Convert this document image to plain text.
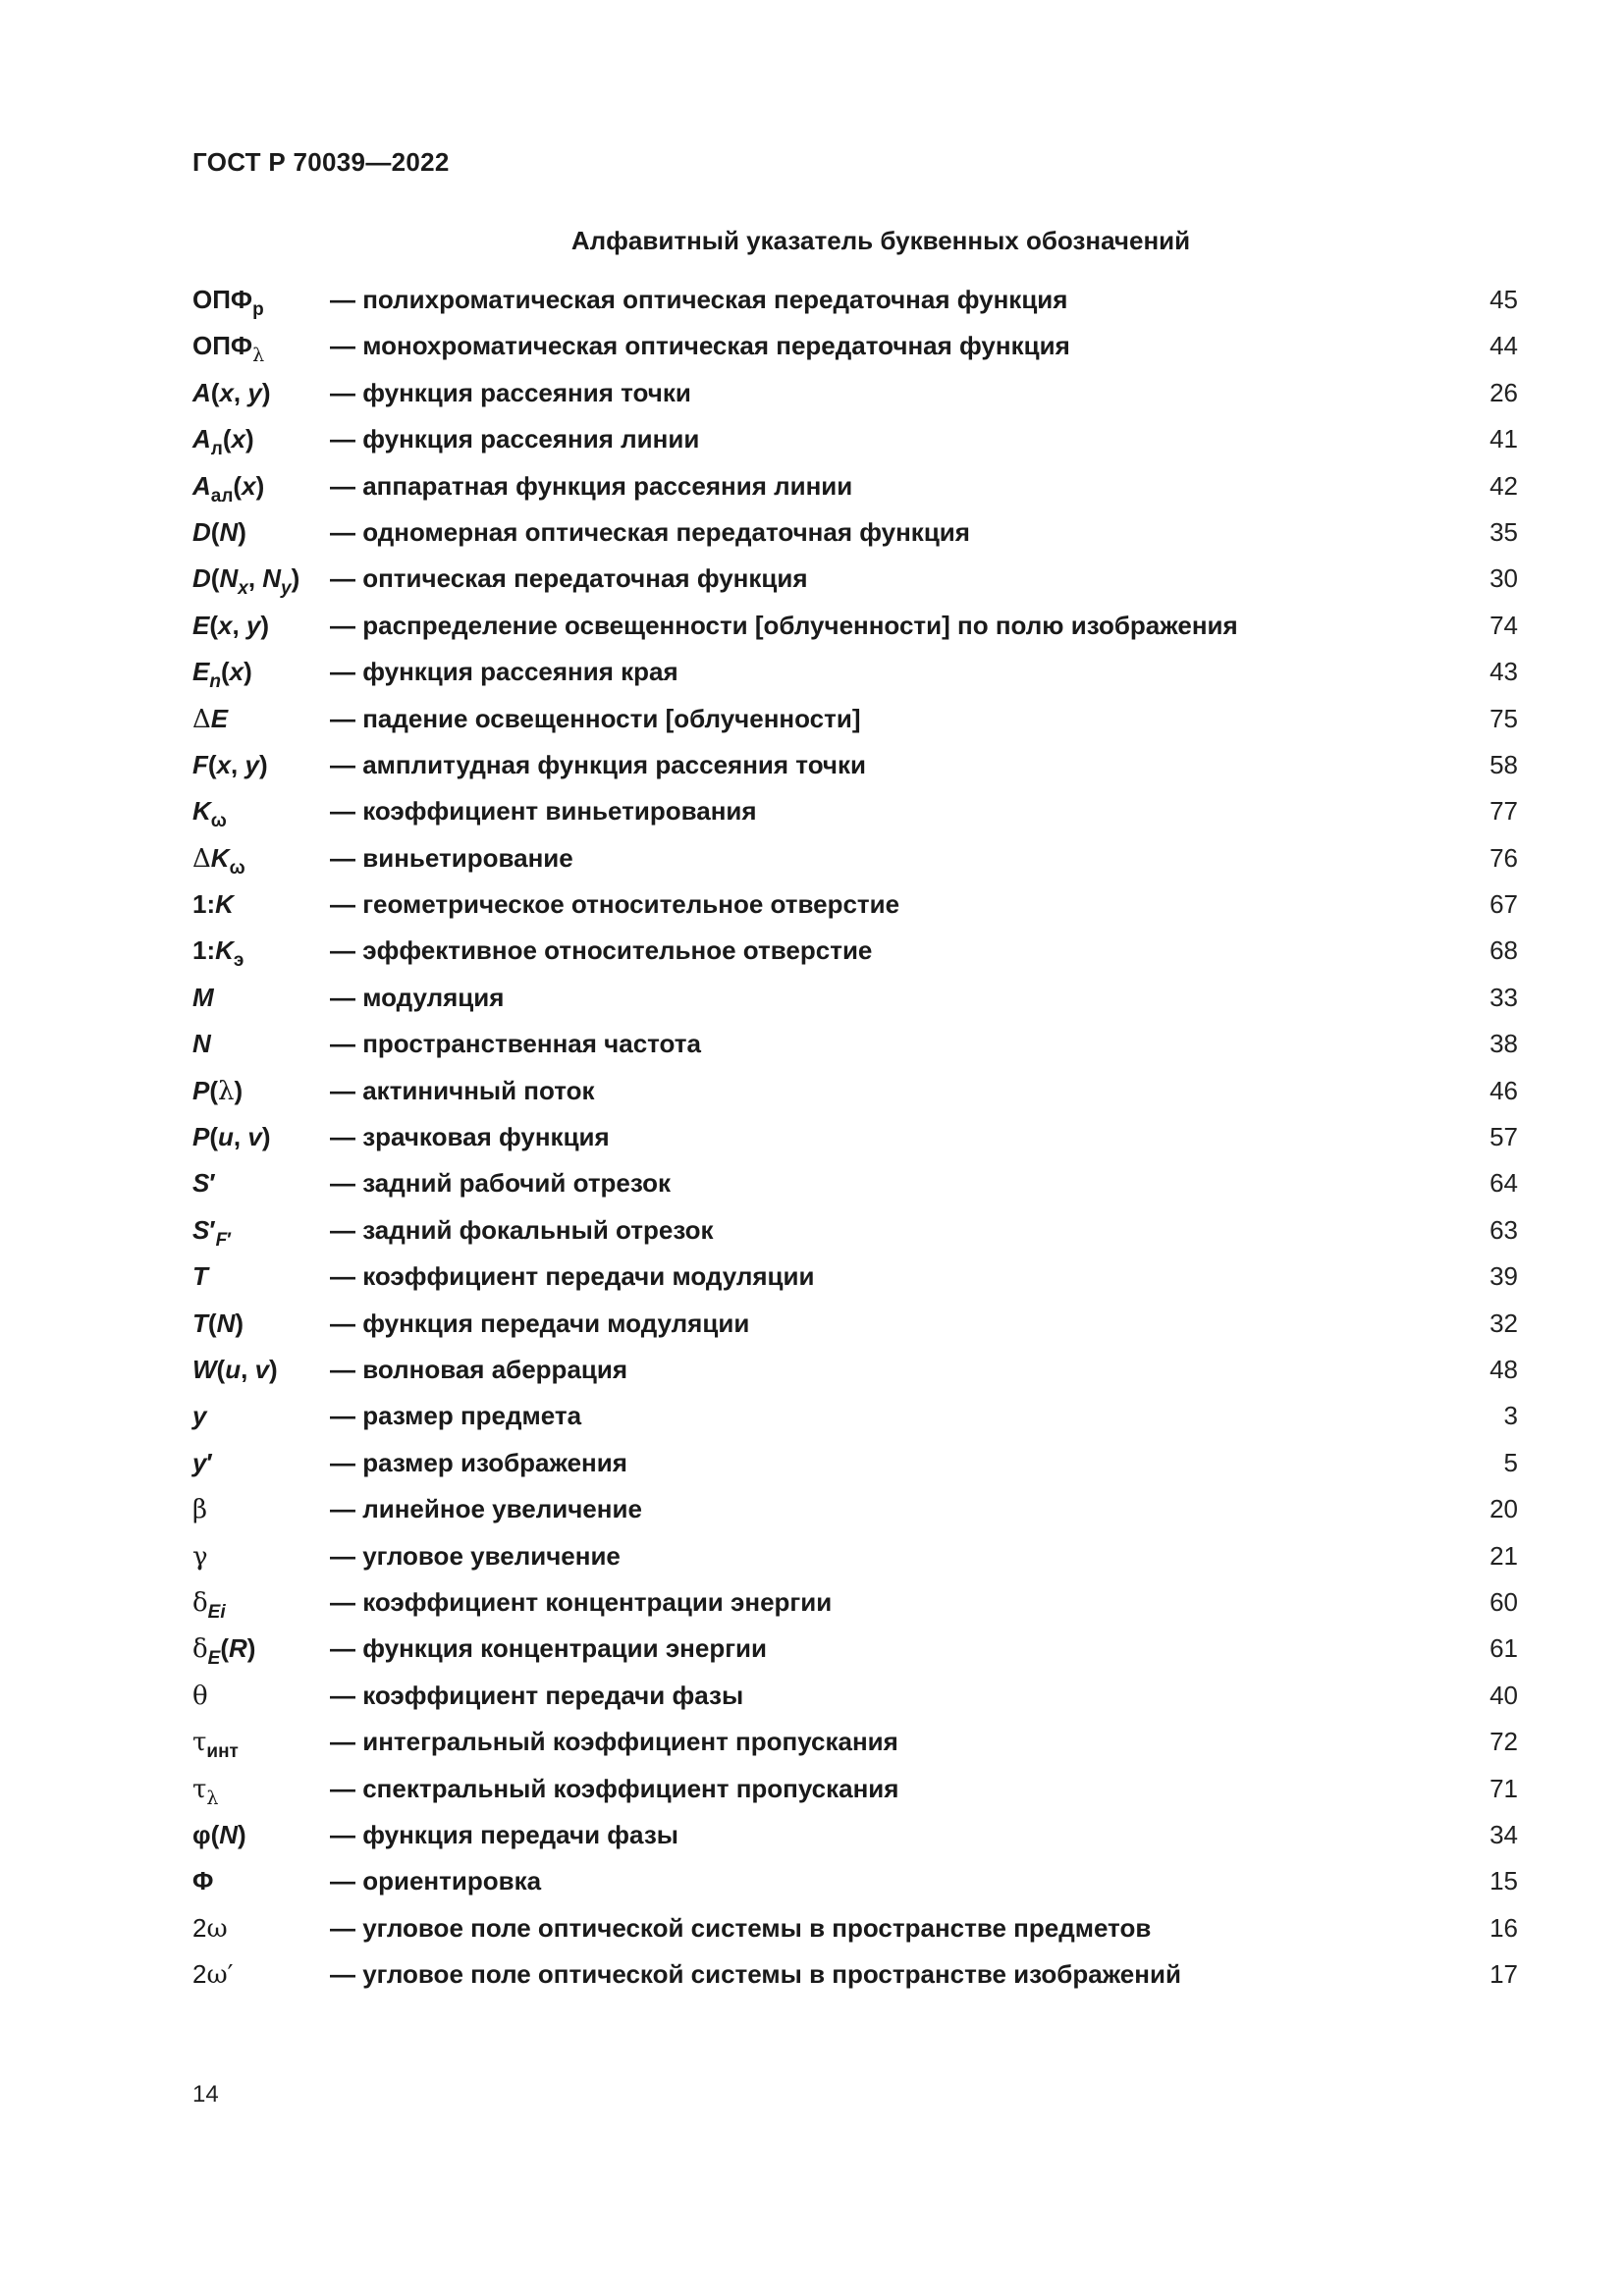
ГОСТ Р 70039—2022
Алфавитный указатель буквенных обозначений
$ОПФ_p$	— полихроматическая оптическая передаточная функция	45
$ОПФ_\lambda$	— монохроматическая оптическая передаточная функция	44
A(x, y)	— функция рассеяния точки	26
$A_л(x)$	— функция рассеяния линии	41
$A_{ал}(x)$	— аппаратная функция рассеяния линии	42
D(N)	— одномерная оптическая передаточная функция	35
$D(N_x$, $N_y$)	— оптическая передаточная функция	30
E(x, y)	— распределение освещенности [облученности] по полю изображения	74
$E_n(x)$	— функция рассеяния края	43
ΔE	— падение освещенности [облученности]	75
F(x, y)	— амплитудная функция рассеяния точки	58
$K_\omega$	— коэффициент виньетирования	77
$\Delta K_\omega$	— виньетирование	76
1:K	— геометрическое относительное отверстие	67
$1:K_э$	— эффективное относительное отверстие	68
M	— модуляция	33
N	— пространственная частота	38
P(λ)	— актиничный поток	46
P(u, v)	— зрачковая функция	57
S′	— задний рабочий отрезок	64
$S'_{F'}$	— задний фокальный отрезок	63
T	— коэффициент передачи модуляции	39
T(N)	— функция передачи модуляции	32
W(u, v)	— волновая аберрация	48
y	— размер предмета	3
y′	— размер изображения	5
β	— линейное увеличение	20
γ	— угловое увеличение	21
$\delta_{Ei}$	— коэффициент концентрации энергии	60
$\delta_E(R)$	— функция концентрации энергии	61
θ	— коэффициент передачи фазы	40
$\tau_{инт}$	— интегральный коэффициент пропускания	72
$\tau_\lambda$	— спектральный коэффициент пропускания	71
φ(N)	— функция передачи фазы	34
Φ	— ориентировка	15
2ω	— угловое поле оптической системы в пространстве предметов	16
2ω′	— угловое поле оптической системы в пространстве изображений	17
14
